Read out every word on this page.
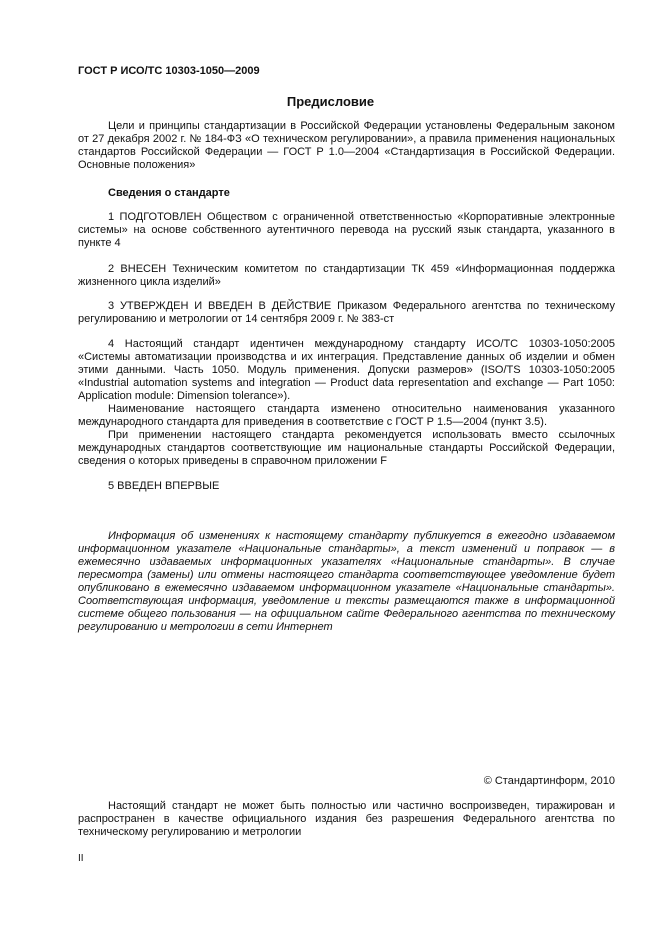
ГОСТ Р ИСО/ТС 10303-1050—2009
Предисловие

Цели и принципы стандартизации в Российской Федерации установлены Федеральным законом от 27 декабря 2002 г. № 184-ФЗ «О техническом регулировании», а правила применения национальных стандартов Российской Федерации — ГОСТ Р 1.0—2004 «Стандартизация в Российской Федерации. Основные положения»

Сведения о стандарте

1 ПОДГОТОВЛЕН Обществом с ограниченной ответственностью «Корпоративные электронные системы» на основе собственного аутентичного перевода на русский язык стандарта, указанного в пункте 4

2 ВНЕСЕН Техническим комитетом по стандартизации ТК 459 «Информационная поддержка жизненного цикла изделий»

3 УТВЕРЖДЕН И ВВЕДЕН В ДЕЙСТВИЕ Приказом Федерального агентства по техническому регулированию и метрологии от 14 сентября 2009 г. № 383-ст

4 Настоящий стандарт идентичен международному стандарту ИСО/ТС 10303-1050:2005 «Системы автоматизации производства и их интеграция. Представление данных об изделии и обмен этими данными. Часть 1050. Модуль применения. Допуски размеров» (ISO/TS 10303-1050:2005 «Industrial automation systems and integration — Product data representation and exchange — Part 1050: Application module: Dimension tolerance»).

Наименование настоящего стандарта изменено относительно наименования указанного международного стандарта для приведения в соответствие с ГОСТ Р 1.5—2004 (пункт 3.5).

При применении настоящего стандарта рекомендуется использовать вместо ссылочных международных стандартов соответствующие им национальные стандарты Российской Федерации, сведения о которых приведены в справочном приложении F

5 ВВЕДЕН ВПЕРВЫЕ

Информация об изменениях к настоящему стандарту публикуется в ежегодно издаваемом информационном указателе «Национальные стандарты», а текст изменений и поправок — в ежемесячно издаваемых информационных указателях «Национальные стандарты». В случае пересмотра (замены) или отмены настоящего стандарта соответствующее уведомление будет опубликовано в ежемесячно издаваемом информационном указателе «Национальные стандарты». Соответствующая информация, уведомление и тексты размещаются также в информационной системе общего пользования — на официальном сайте Федерального агентства по техническому регулированию и метрологии в сети Интернет

© Стандартинформ, 2010

Настоящий стандарт не может быть полностью или частично воспроизведен, тиражирован и распространен в качестве официального издания без разрешения Федерального агентства по техническому регулированию и метрологии

II
